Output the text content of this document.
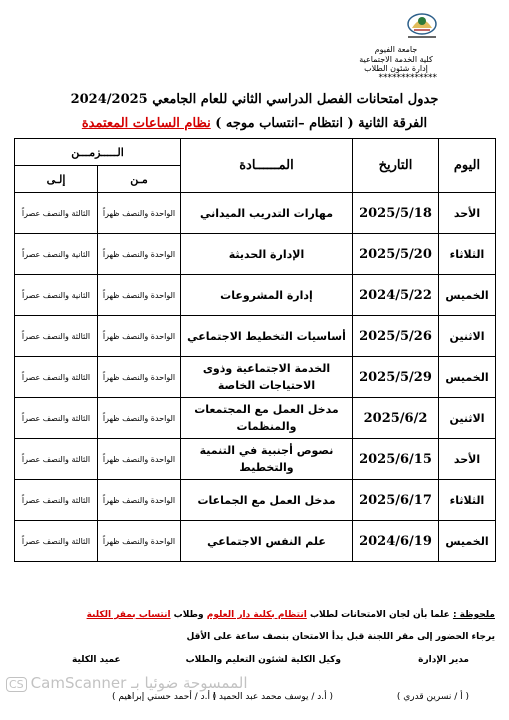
جامعة الفيوم
كلية الخدمة الاجتماعية
إدارة شئون الطلاب
*************
جدول امتحانات الفصل الدراسي الثاني للعام الجامعي 2024/2025
الفرقة الثانية ( انتظام –انتساب موجه ) نظام الساعات المعتمدة
اليوم	التاريخ	المــــــادة	الـــــزمـــن	
			مـن	إلـى
الأحد	2025/5/18	مهارات التدريب الميداني	الواحدة والنصف ظهراً	الثالثة والنصف عصراً
الثلاثاء	2025/5/20	الإدارة الحديثة	الواحدة والنصف ظهراً	الثانية والنصف عصراً
الخميس	2024/5/22	إدارة المشروعات	الواحدة والنصف ظهراً	الثانية والنصف عصراً
الاثنين	2025/5/26	أساسيات التخطيط الاجتماعي	الواحدة والنصف ظهراً	الثالثة والنصف عصراً
الخميس	2025/5/29	الخدمة الاجتماعية وذوى الاحتياجات الخاصة	الواحدة والنصف ظهراً	الثالثة والنصف عصراً
الاثنين	2025/6/2	مدخل العمل مع المجتمعات والمنظمات	الواحدة والنصف ظهراً	الثالثة والنصف عصراً
الأحد	2025/6/15	نصوص أجنبية في التنمية والتخطيط	الواحدة والنصف ظهراً	الثالثة والنصف عصراً
الثلاثاء	2025/6/17	مدخل العمل مع الجماعات	الواحدة والنصف ظهراً	الثالثة والنصف عصراً
الخميس	2024/6/19	علم النفس الاجتماعي	الواحدة والنصف ظهراً	الثالثة والنصف عصراً
ملحوظة : علما بأن لجان الامتحانات لطلاب انتظام بكلية دار العلوم وطلاب انتساب بمقر الكلية
يرجاء الحضور إلى مقر اللجنة قبل بدأ الامتحان بنصف ساعة على الأقل
مدير الإدارة
وكيل الكلية لشئون التعليم والطلاب
عميد الكلية
( أ / نسرين قدري )
( أ.د / يوسف محمد عبد الحميد )
( أ.د / أحمد حسني إبراهيم )
CS CamScanner الممسوحة ضوئيا بـ
